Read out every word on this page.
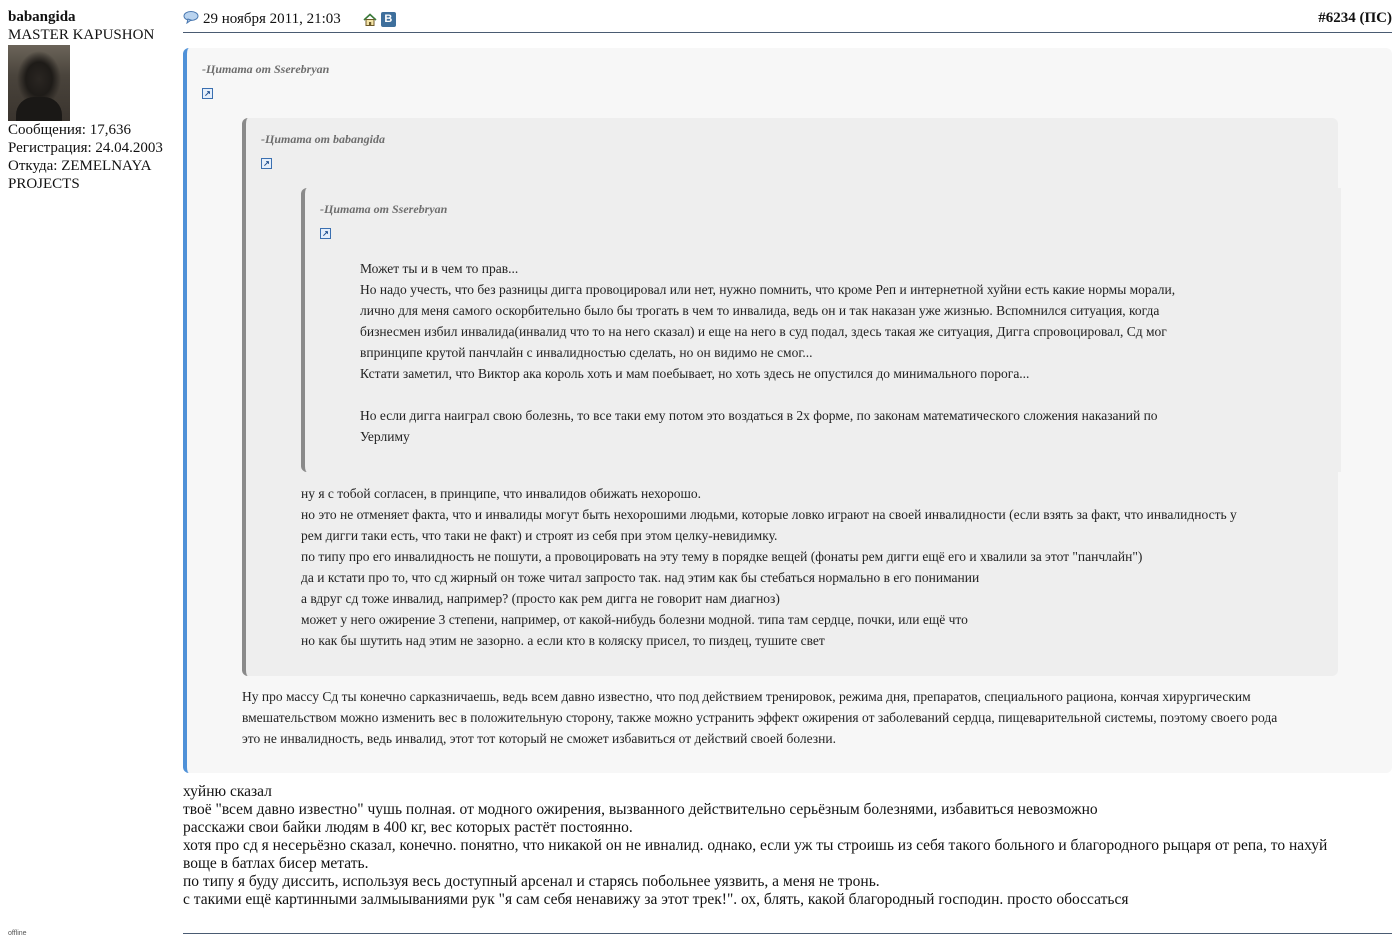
babangida
MASTER KAPUSHON
Сообщения: 17,636
Регистрация: 24.04.2003
Откуда: ZEMELNAYA
PROJECTS
offline
29 ноября 2011, 21:03	В	#6234 (ПС)
-Цитата от Sserebryan
↗
-Цитата от babangida
↗
-Цитата от Sserebryan
↗

Может ты и в чем то прав...

Но надо учесть, что без разницы дигга провоцировал или нет, нужно помнить, что кроме Реп и интернетной хуйни есть какие нормы морали,

лично для меня самого оскорбительно было бы трогать в чем то инвалида, ведь он и так наказан уже жизнью. Вспомнился ситуация, когда

бизнесмен избил инвалида(инвалид что то на него сказал) и еще на него в суд подал, здесь такая же ситуация, Дигга спровоцировал, Сд мог

впринципе крутой панчлайн с инвалидностью сделать, но он видимо не смог...

Кстати заметил, что Виктор ака король хоть и мам поебывает, но хоть здесь не опустился до минимального порога...

Но если дигга наиграл свою болезнь, то все таки ему потом это воздаться в 2х форме, по законам математического сложения наказаний по

Уерлиму

ну я с тобой согласен, в принципе, что инвалидов обижать нехорошо.

но это не отменяет факта, что и инвалиды могут быть нехорошими людьми, которые ловко играют на своей инвалидности (если взять за факт, что инвалидность у

рем дигги таки есть, что таки не факт) и строят из себя при этом целку-невидимку.

по типу про его инвалидность не пошути, а провоцировать на эту тему в порядке вещей (фонаты рем дигги ещё его и хвалили за этот "панчлайн")

да и кстати про то, что сд жирный он тоже читал запросто так. над этим как бы стебаться нормально в его понимании

а вдруг сд тоже инвалид, например? (просто как рем дигга не говорит нам диагноз)

может у него ожирение 3 степени, например, от какой-нибудь болезни модной. типа там сердце, почки, или ещё что

но как бы шутить над этим не зазорно. а если кто в коляску присел, то пиздец, тушите свет

Ну про массу Сд ты конечно сарказничаешь, ведь всем давно известно, что под действием тренировок, режима дня, препаратов, специального рациона, кончая хирургическим

вмешательством можно изменить вес в положительную сторону, также можно устранить эффект ожирения от заболеваний сердца, пищеварительной системы, поэтому своего рода

это не инвалидность, ведь инвалид, этот тот который не сможет избавиться от действий своей болезни.

хуйню сказал

твоё "всем давно известно" чушь полная. от модного ожирения, вызванного действительно серьёзным болезнями, избавиться невозможно

расскажи свои байки людям в 400 кг, вес которых растёт постоянно.

хотя про сд я несерьёзно сказал, конечно. понятно, что никакой он не ивналид. однако, если уж ты строишь из себя такого больного и благородного рыцаря от репа, то нахуй

воще в батлах бисер метать.

по типу я буду диссить, используя весь доступный арсенал и старясь побольнее уязвить, а меня не тронь.

с такими ещё картинными залмыываниями рук "я сам себя ненавижу за этот трек!". ох, блять, какой благородный господин. просто обоссаться
